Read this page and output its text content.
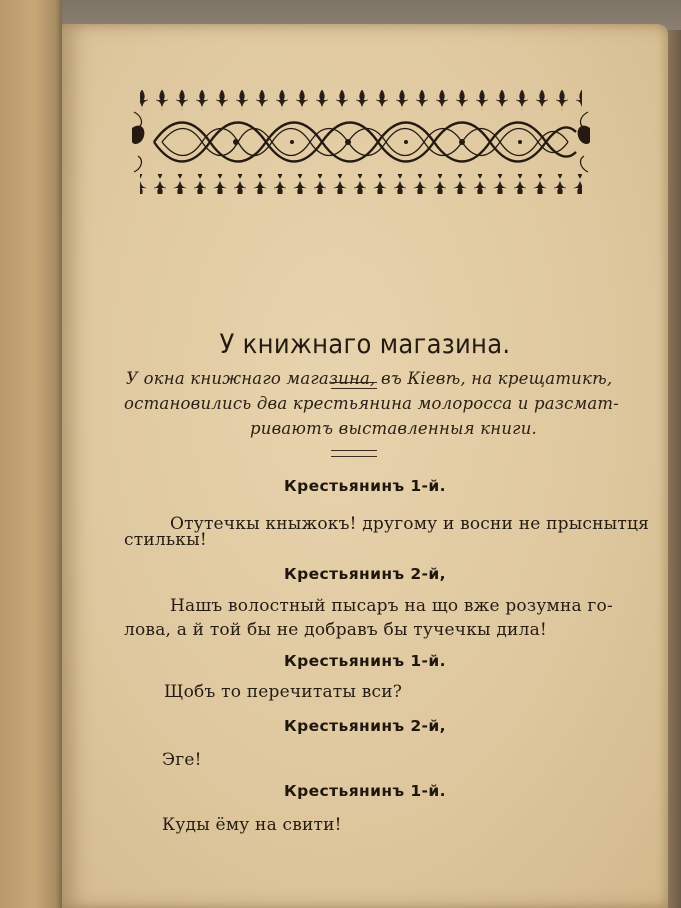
У книжнаго магазина.
У окна книжнаго магазина, въ Кіевѣ, на крещатикѣ,
остановились два крестьянина молоросса и разсмат-
риваютъ выставленныя книги.
Крестьянинъ 1-й.
Отутечкы кныжокъ! другому и восни не прыснытця
стилькы!
Крестьянинъ 2-й,
Нашъ волостный пысаръ на що вже розумна го-
лова, а й той бы не добравъ бы тучечкы дила!
Крестьянинъ 1-й.
Щобъ то перечитаты вси?
Крестьянинъ 2-й,
Эге!
Крестьянинъ 1-й.
Куды ёму на свити!
